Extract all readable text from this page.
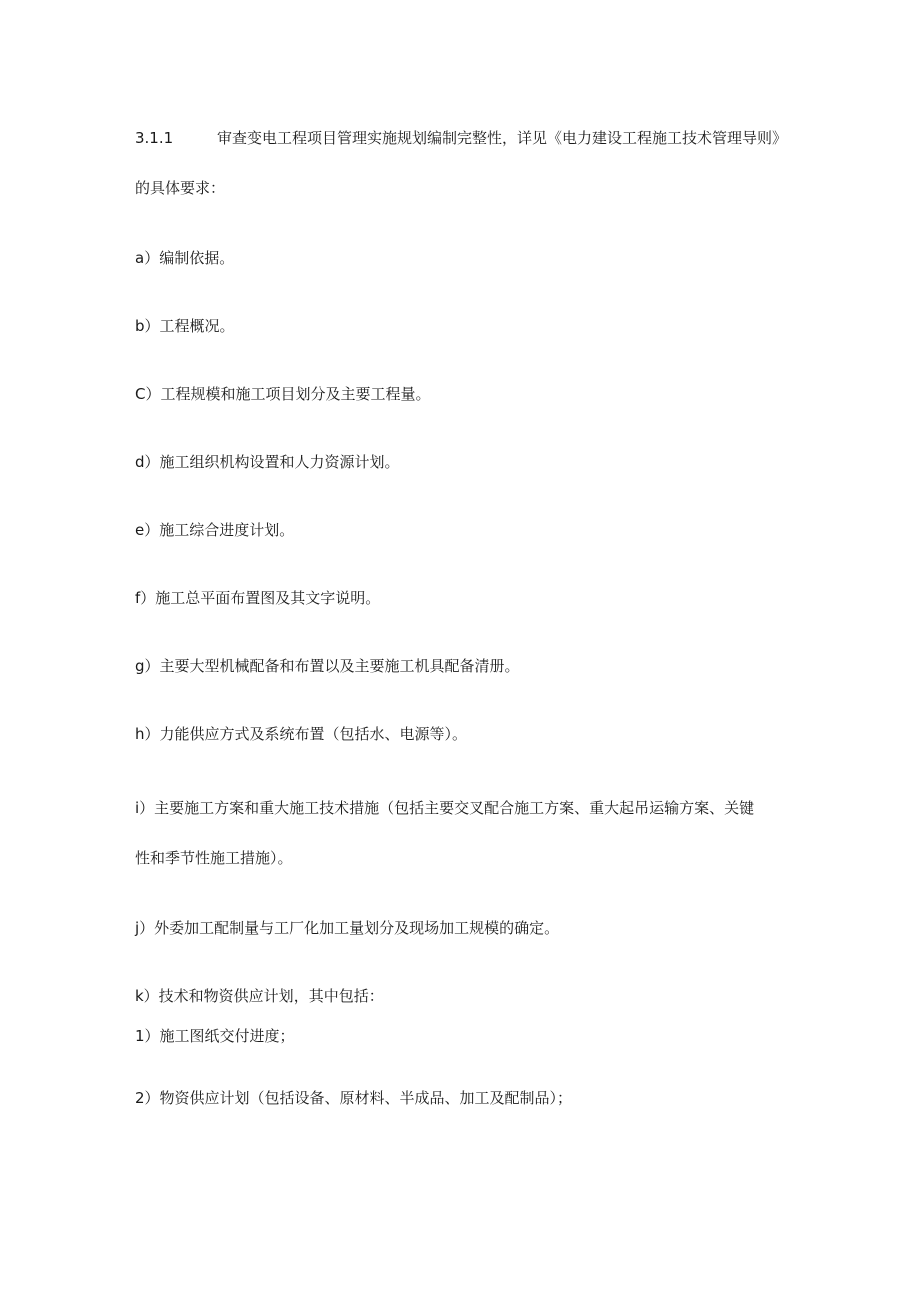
3.1.1	审查变电工程项目管理实施规划编制完整性，详见《电力建设工程施工技术管理导则》
的具体要求：
a）编制依据。
b）工程概况。
C）工程规模和施工项目划分及主要工程量。
d）施工组织机构设置和人力资源计划。
e）施工综合进度计划。
f）施工总平面布置图及其文字说明。
g）主要大型机械配备和布置以及主要施工机具配备清册。
h）力能供应方式及系统布置（包括水、电源等）。
i）主要施工方案和重大施工技术措施（包括主要交叉配合施工方案、重大起吊运输方案、关键
性和季节性施工措施）。
j）外委加工配制量与工厂化加工量划分及现场加工规模的确定。
k）技术和物资供应计划，其中包括：
1）施工图纸交付进度；
2）物资供应计划（包括设备、原材料、半成品、加工及配制品）；
